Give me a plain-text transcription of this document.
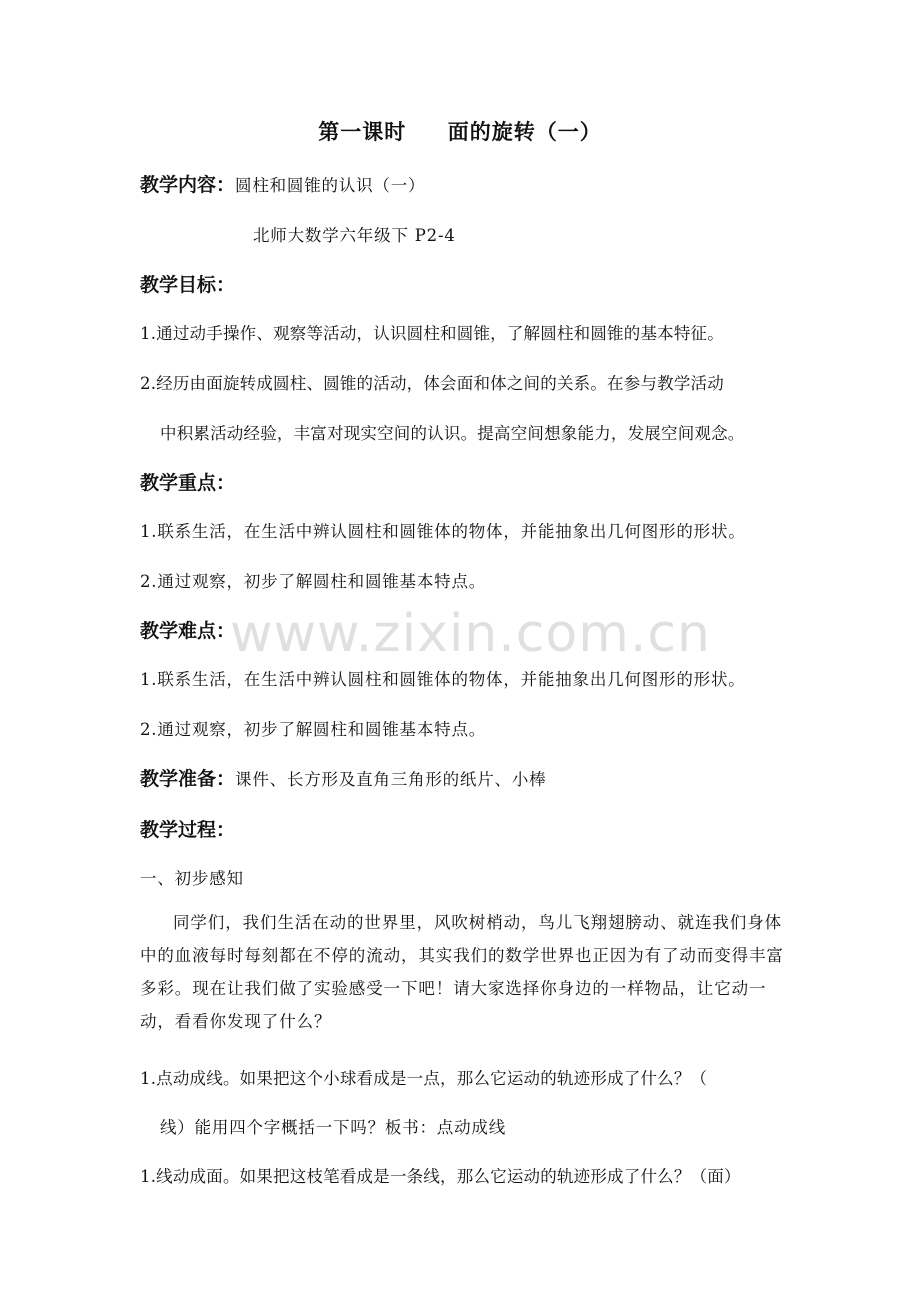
第一课时     面的旋转（一）
教学内容：圆柱和圆锥的认识（一）
北师大数学六年级下 P2-4
教学目标：
1.通过动手操作、观察等活动，认识圆柱和圆锥，了解圆柱和圆锥的基本特征。
2.经历由面旋转成圆柱、圆锥的活动，体会面和体之间的关系。在参与教学活动
中积累活动经验，丰富对现实空间的认识。提高空间想象能力，发展空间观念。
教学重点：
1.联系生活，在生活中辨认圆柱和圆锥体的物体，并能抽象出几何图形的形状。
2.通过观察，初步了解圆柱和圆锥基本特点。
教学难点：
1.联系生活，在生活中辨认圆柱和圆锥体的物体，并能抽象出几何图形的形状。
2.通过观察，初步了解圆柱和圆锥基本特点。
教学准备：课件、长方形及直角三角形的纸片、小棒
教学过程：
一、初步感知
同学们，我们生活在动的世界里，风吹树梢动，鸟儿飞翔翅膀动、就连我们身体中的血液每时每刻都在不停的流动，其实我们的数学世界也正因为有了动而变得丰富多彩。现在让我们做了实验感受一下吧！请大家选择你身边的一样物品，让它动一动，看看你发现了什么？
1.点动成线。如果把这个小球看成是一点，那么它运动的轨迹形成了什么？（
线）能用四个字概括一下吗？板书：点动成线
1.线动成面。如果把这枝笔看成是一条线，那么它运动的轨迹形成了什么？（面）
www.zixin.com.cn
